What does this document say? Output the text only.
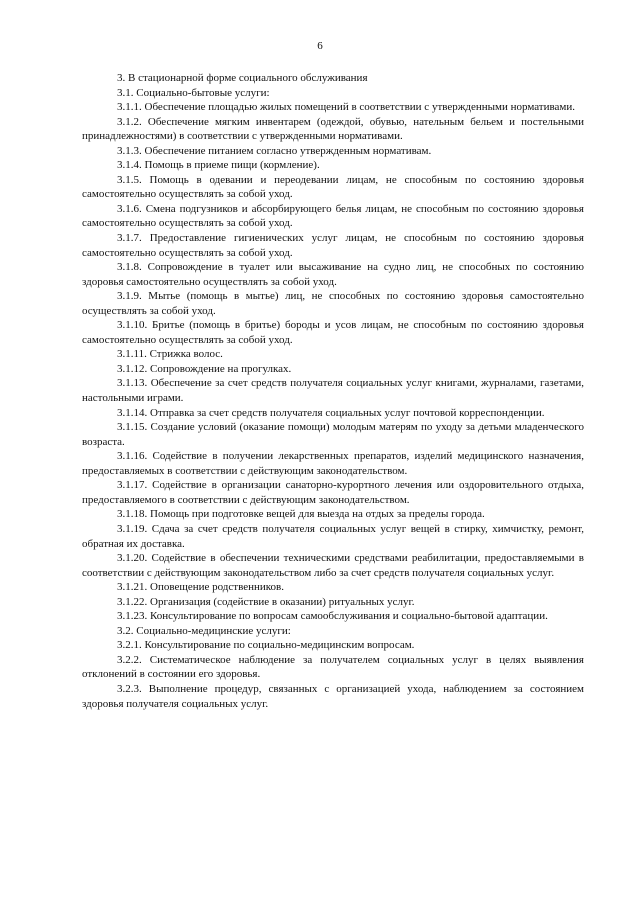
6

3. В стационарной форме социального обслуживания

3.1. Социально-бытовые услуги:

3.1.1. Обеспечение площадью жилых помещений в соответствии с утвержденными нормативами.

3.1.2. Обеспечение мягким инвентарем (одеждой, обувью, нательным бельем и постельными принадлежностями) в соответствии с утвержденными нормативами.

3.1.3. Обеспечение питанием согласно утвержденным нормативам.

3.1.4. Помощь в приеме пищи (кормление).

3.1.5. Помощь в одевании и переодевании лицам, не способным по состоянию здоровья самостоятельно осуществлять за собой уход.

3.1.6. Смена подгузников и абсорбирующего белья лицам, не способным по состоянию здоровья самостоятельно осуществлять за собой уход.

3.1.7. Предоставление гигиенических услуг лицам, не способным по состоянию здоровья самостоятельно осуществлять за собой уход.

3.1.8. Сопровождение в туалет или высаживание на судно лиц, не способных по состоянию здоровья самостоятельно осуществлять за собой уход.

3.1.9. Мытье (помощь в мытье) лиц, не способных по состоянию здоровья самостоятельно осуществлять за собой уход.

3.1.10. Бритье (помощь в бритье) бороды и усов лицам, не способным по состоянию здоровья самостоятельно осуществлять за собой уход.

3.1.11. Стрижка волос.

3.1.12. Сопровождение на прогулках.

3.1.13. Обеспечение за счет средств получателя социальных услуг книгами, журналами, газетами, настольными играми.

3.1.14. Отправка за счет средств получателя социальных услуг почтовой корреспонденции.

3.1.15. Создание условий (оказание помощи) молодым матерям по уходу за детьми младенческого возраста.

3.1.16. Содействие в получении лекарственных препаратов, изделий медицинского назначения, предоставляемых в соответствии с действующим законодательством.

3.1.17. Содействие в организации санаторно-курортного лечения или оздоровительного отдыха, предоставляемого в соответствии с действующим законодательством.

3.1.18. Помощь при подготовке вещей для выезда на отдых за пределы города.

3.1.19. Сдача за счет средств получателя социальных услуг вещей в стирку, химчистку, ремонт, обратная их доставка.

3.1.20. Содействие в обеспечении техническими средствами реабилитации, предоставляемыми в соответствии с действующим законодательством либо за счет средств получателя социальных услуг.

3.1.21. Оповещение родственников.

3.1.22. Организация (содействие в оказании) ритуальных услуг.

3.1.23. Консультирование по вопросам самообслуживания и социально-бытовой адаптации.

3.2. Социально-медицинские услуги:

3.2.1. Консультирование по социально-медицинским вопросам.

3.2.2. Систематическое наблюдение за получателем социальных услуг в целях выявления отклонений в состоянии его здоровья.

3.2.3. Выполнение процедур, связанных с организацией ухода, наблюдением за состоянием здоровья получателя социальных услуг.
